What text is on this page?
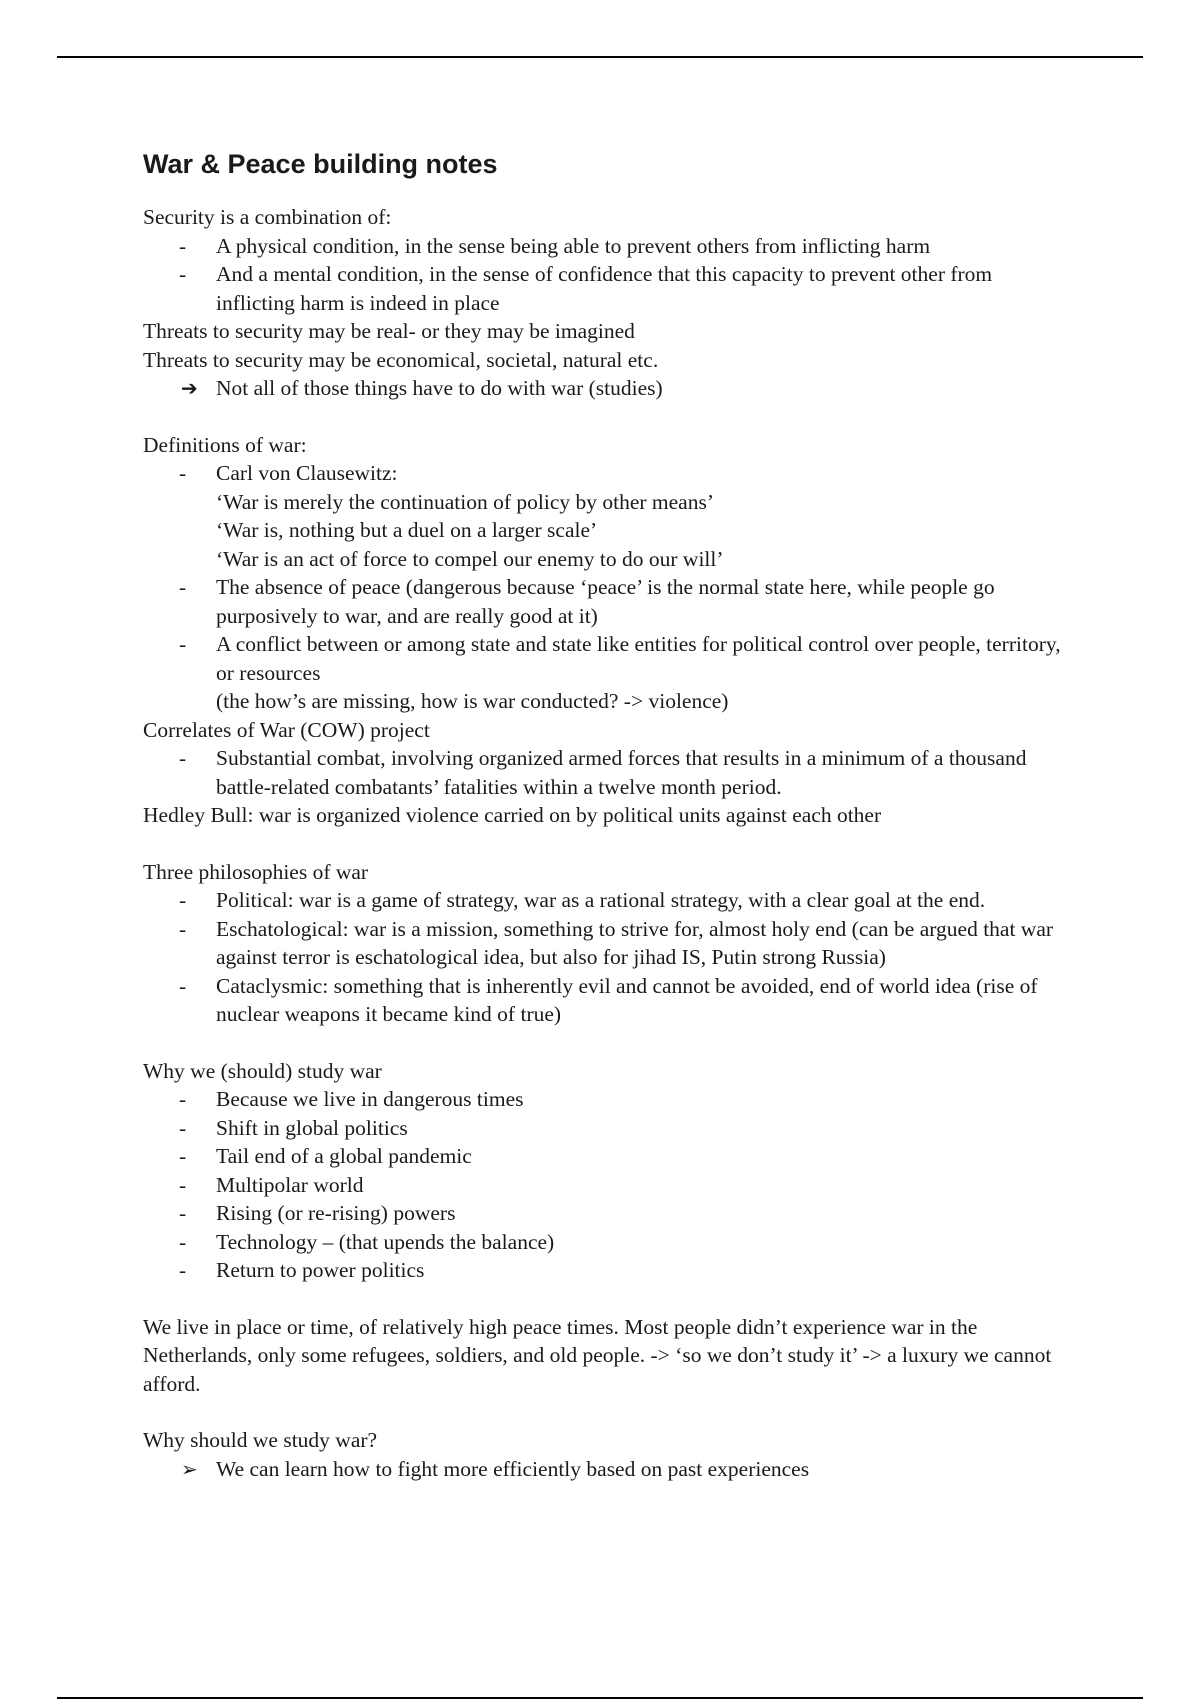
War & Peace building notes
Security is a combination of:
- A physical condition, in the sense being able to prevent others from inflicting harm
- And a mental condition, in the sense of confidence that this capacity to prevent other from inflicting harm is indeed in place
Threats to security may be real- or they may be imagined
Threats to security may be economical, societal, natural etc.
➔ Not all of those things have to do with war (studies)
Definitions of war:
- Carl von Clausewitz:
‘War is merely the continuation of policy by other means’
‘War is, nothing but a duel on a larger scale’
‘War is an act of force to compel our enemy to do our will’
- The absence of peace (dangerous because ‘peace’ is the normal state here, while people go purposively to war, and are really good at it)
- A conflict between or among state and state like entities for political control over people, territory, or resources
(the how’s are missing, how is war conducted? -> violence)
Correlates of War (COW) project
- Substantial combat, involving organized armed forces that results in a minimum of a thousand battle-related combatants’ fatalities within a twelve month period.
Hedley Bull: war is organized violence carried on by political units against each other
Three philosophies of war
- Political: war is a game of strategy, war as a rational strategy, with a clear goal at the end.
- Eschatological: war is a mission, something to strive for, almost holy end (can be argued that war against terror is eschatological idea, but also for jihad IS, Putin strong Russia)
- Cataclysmic: something that is inherently evil and cannot be avoided, end of world idea (rise of nuclear weapons it became kind of true)
Why we (should) study war
- Because we live in dangerous times
- Shift in global politics
- Tail end of a global pandemic
- Multipolar world
- Rising (or re-rising) powers
- Technology – (that upends the balance)
- Return to power politics
We live in place or time, of relatively high peace times. Most people didn’t experience war in the Netherlands, only some refugees, soldiers, and old people. -> ‘so we don’t study it’ -> a luxury we cannot afford.
Why should we study war?
➢ We can learn how to fight more efficiently based on past experiences
